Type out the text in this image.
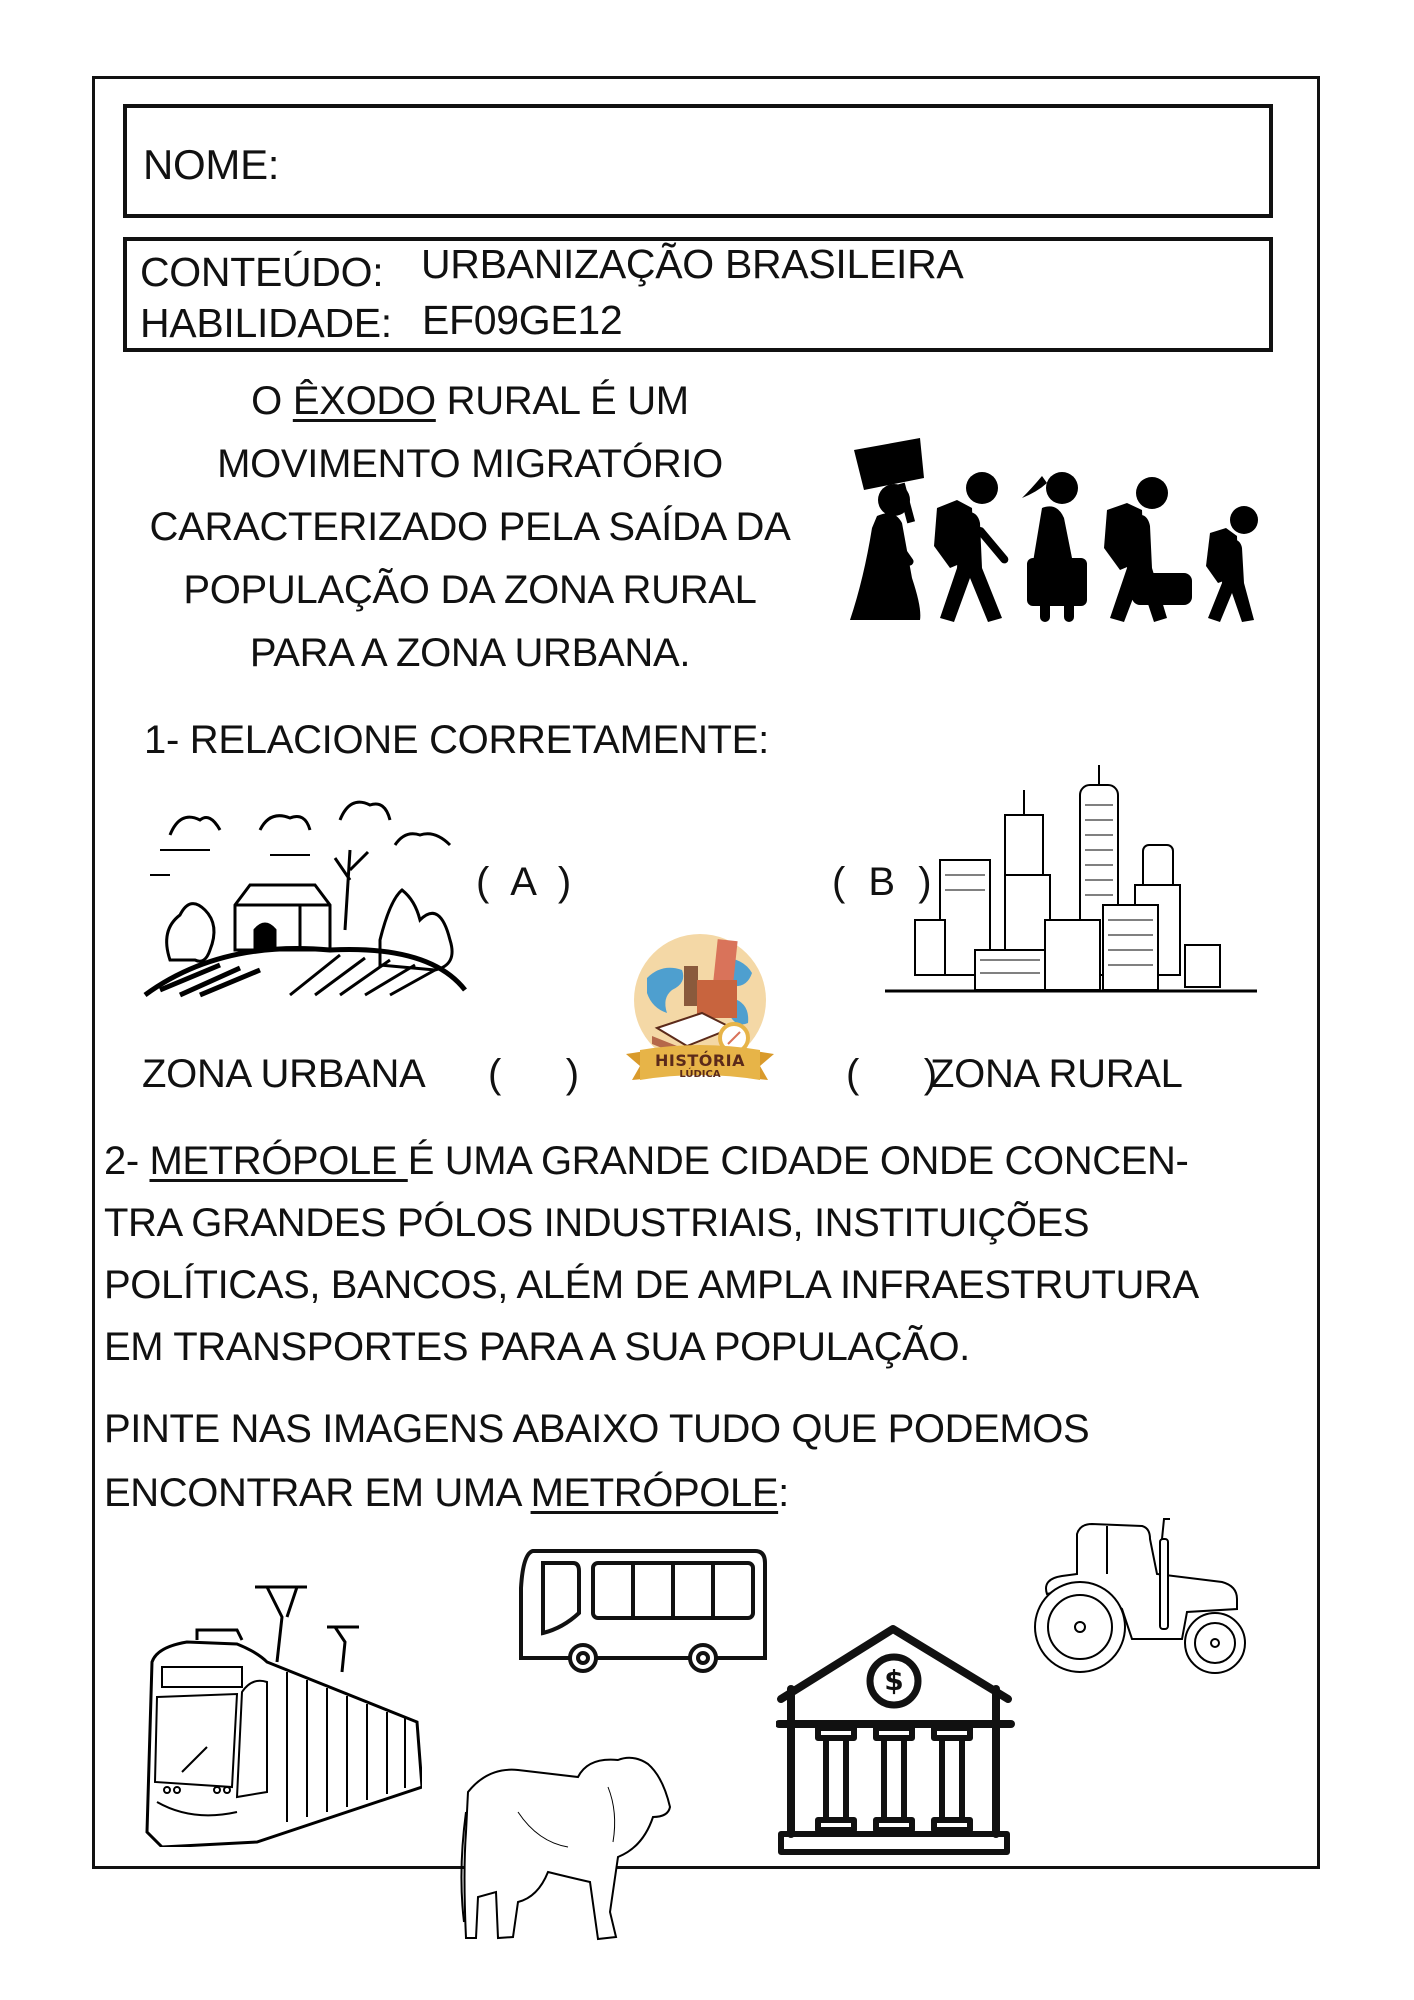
NOME:
CONTEÚDO: URBANIZAÇÃO BRASILEIRA
HABILIDADE: EF09GE12
O ÊXODO RURAL É UM
MOVIMENTO MIGRATÓRIO
CARACTERIZADO PELA SAÍDA DA
POPULAÇÃO DA ZONA RURAL
PARA A ZONA URBANA.
1- RELACIONE CORRETAMENTE:
( A )	( B )
HISTÓRIA
LÚDICA
ZONA URBANA (    )	(    )
ZONA RURAL
2- METRÓPOLE É UMA GRANDE CIDADE ONDE CONCEN-
TRA GRANDES PÓLOS INDUSTRIAIS, INSTITUIÇÕES
POLÍTICAS, BANCOS, ALÉM DE AMPLA INFRAESTRUTURA
EM TRANSPORTES PARA A SUA POPULAÇÃO.
PINTE NAS IMAGENS ABAIXO TUDO QUE PODEMOS
ENCONTRAR EM UMA METRÓPOLE:
$
